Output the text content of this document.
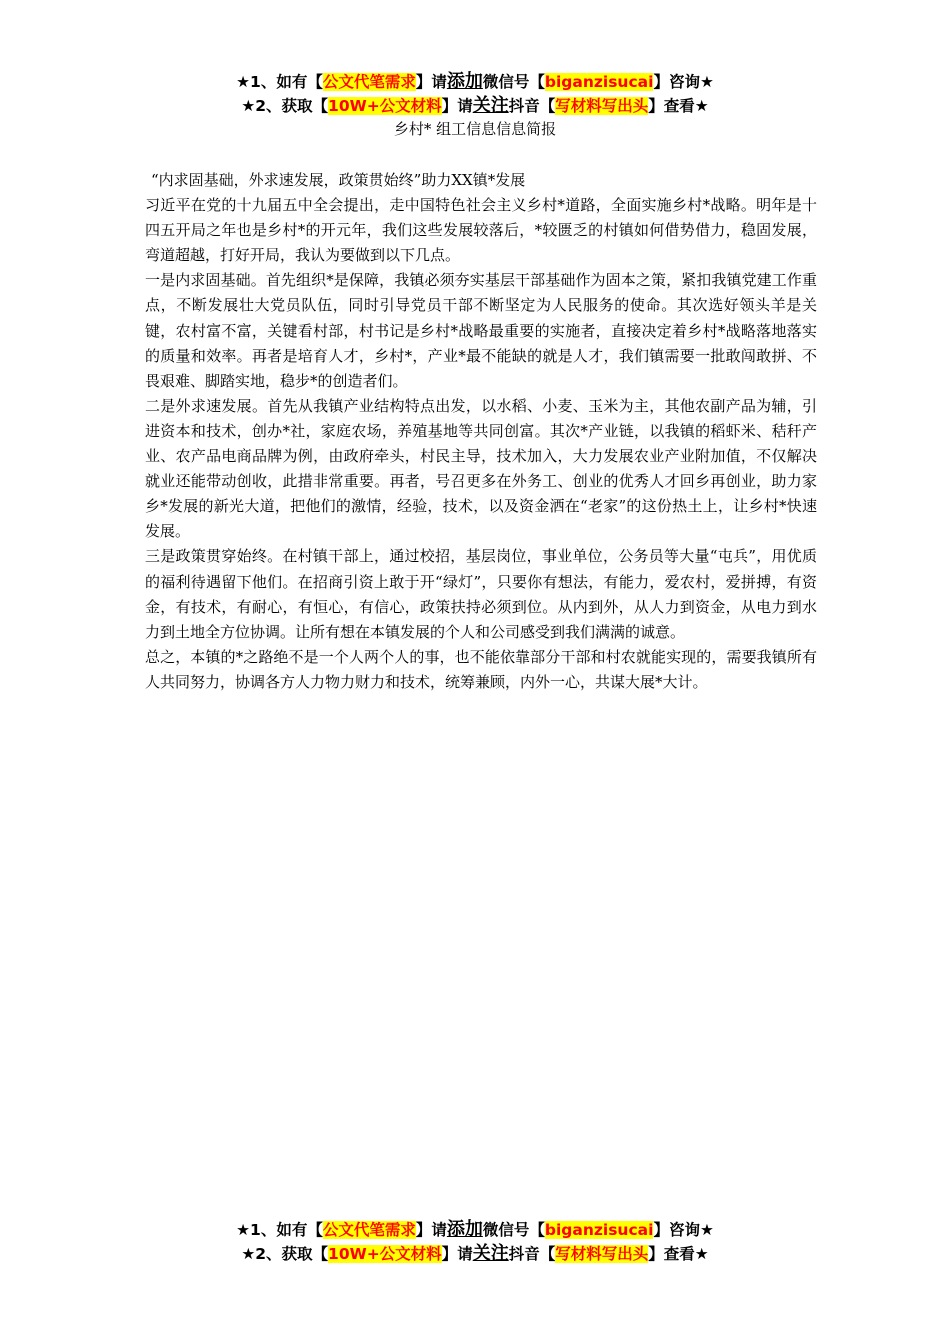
★1、如有【公文代笔需求】请添加微信号【biganzisucai】咨询★
★2、获取【10W+公文材料】请关注抖音【写材料写出头】查看★
乡村* 组工信息信息简报

“内求固基础，外求速发展，政策贯始终”助力XX镇*发展

习近平在党的十九届五中全会提出，走中国特色社会主义乡村*道路，全面实施乡村*战略。明年是十四五开局之年也是乡村*的开元年，我们这些发展较落后，*较匮乏的村镇如何借势借力，稳固发展，弯道超越，打好开局，我认为要做到以下几点。

一是内求固基础。首先组织*是保障，我镇必须夯实基层干部基础作为固本之策，紧扣我镇党建工作重点，不断发展壮大党员队伍，同时引导党员干部不断坚定为人民服务的使命。其次选好领头羊是关键，农村富不富，关键看村部，村书记是乡村*战略最重要的实施者，直接决定着乡村*战略落地落实的质量和效率。再者是培育人才，乡村*，产业*最不能缺的就是人才，我们镇需要一批敢闯敢拼、不畏艰难、脚踏实地，稳步*的创造者们。

二是外求速发展。首先从我镇产业结构特点出发，以水稻、小麦、玉米为主，其他农副产品为辅，引进资本和技术，创办*社，家庭农场，养殖基地等共同创富。其次*产业链，以我镇的稻虾米、秸秆产业、农产品电商品牌为例，由政府牵头，村民主导，技术加入，大力发展农业产业附加值，不仅解决就业还能带动创收，此措非常重要。再者，号召更多在外务工、创业的优秀人才回乡再创业，助力家乡*发展的新光大道，把他们的激情，经验，技术，以及资金洒在“老家”的这份热土上，让乡村*快速发展。

三是政策贯穿始终。在村镇干部上，通过校招，基层岗位，事业单位，公务员等大量“屯兵”，用优质的福利待遇留下他们。在招商引资上敢于开“绿灯”，只要你有想法，有能力，爱农村，爱拼搏，有资金，有技术，有耐心，有恒心，有信心，政策扶持必须到位。从内到外，从人力到资金，从电力到水力到土地全方位协调。让所有想在本镇发展的个人和公司感受到我们满满的诚意。

总之，本镇的*之路绝不是一个人两个人的事，也不能依靠部分干部和村农就能实现的，需要我镇所有人共同努力，协调各方人力物力财力和技术，统筹兼顾，内外一心，共谋大展*大计。

★1、如有【公文代笔需求】请添加微信号【biganzisucai】咨询★
★2、获取【10W+公文材料】请关注抖音【写材料写出头】查看★
